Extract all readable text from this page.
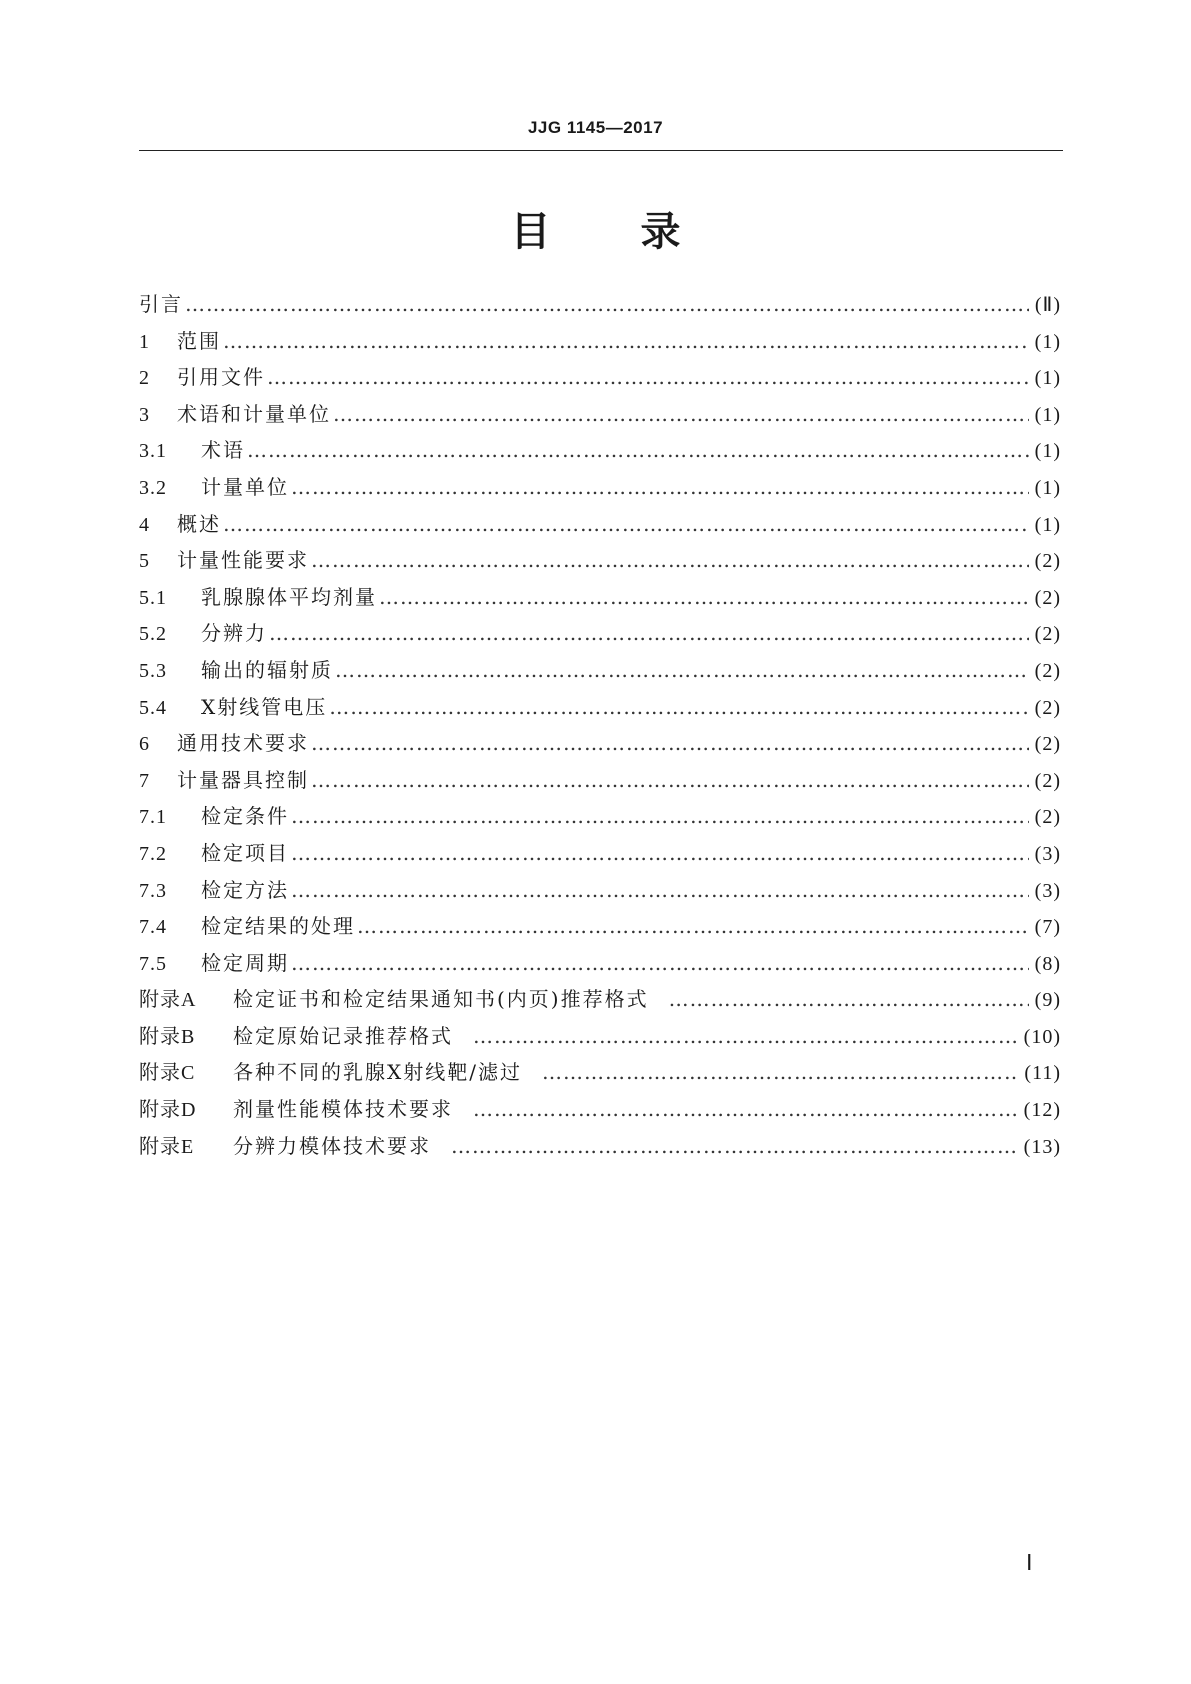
JJG 1145—2017
目 录
引言 …………………………………………………………………………………………………………………………………………………………………………………………………………	(Ⅱ)
1	范围 …………………………………………………………………………………………………………………………………………………………………………………………………………	(1)
2	引用文件 …………………………………………………………………………………………………………………………………………………………………………………………………………	(1)
3	术语和计量单位 …………………………………………………………………………………………………………………………………………………………………………………………………………	(1)
3.1	术语 …………………………………………………………………………………………………………………………………………………………………………………………………………	(1)
3.2	计量单位 …………………………………………………………………………………………………………………………………………………………………………………………………………	(1)
4	概述 …………………………………………………………………………………………………………………………………………………………………………………………………………	(1)
5	计量性能要求 …………………………………………………………………………………………………………………………………………………………………………………………………………	(2)
5.1	乳腺腺体平均剂量 …………………………………………………………………………………………………………………………………………………………………………………………………………	(2)
5.2	分辨力 …………………………………………………………………………………………………………………………………………………………………………………………………………	(2)
5.3	输出的辐射质 …………………………………………………………………………………………………………………………………………………………………………………………………………	(2)
5.4	X射线管电压 …………………………………………………………………………………………………………………………………………………………………………………………………………	(2)
6	通用技术要求 …………………………………………………………………………………………………………………………………………………………………………………………………………	(2)
7	计量器具控制 …………………………………………………………………………………………………………………………………………………………………………………………………………	(2)
7.1	检定条件 …………………………………………………………………………………………………………………………………………………………………………………………………………	(2)
7.2	检定项目 …………………………………………………………………………………………………………………………………………………………………………………………………………	(3)
7.3	检定方法 …………………………………………………………………………………………………………………………………………………………………………………………………………	(3)
7.4	检定结果的处理 …………………………………………………………………………………………………………………………………………………………………………………………………………	(7)
7.5	检定周期 …………………………………………………………………………………………………………………………………………………………………………………………………………	(8)
附录A	检定证书和检定结果通知书(内页)推荐格式 …………………………………………………………………………………………………………………………………………………………………………………………………………	(9)
附录B	检定原始记录推荐格式 …………………………………………………………………………………………………………………………………………………………………………………………………………	(10)
附录C	各种不同的乳腺X射线靶/滤过 …………………………………………………………………………………………………………………………………………………………………………………………………………	(11)
附录D	剂量性能模体技术要求 …………………………………………………………………………………………………………………………………………………………………………………………………………	(12)
附录E	分辨力模体技术要求 …………………………………………………………………………………………………………………………………………………………………………………………………………	(13)
Ⅰ
